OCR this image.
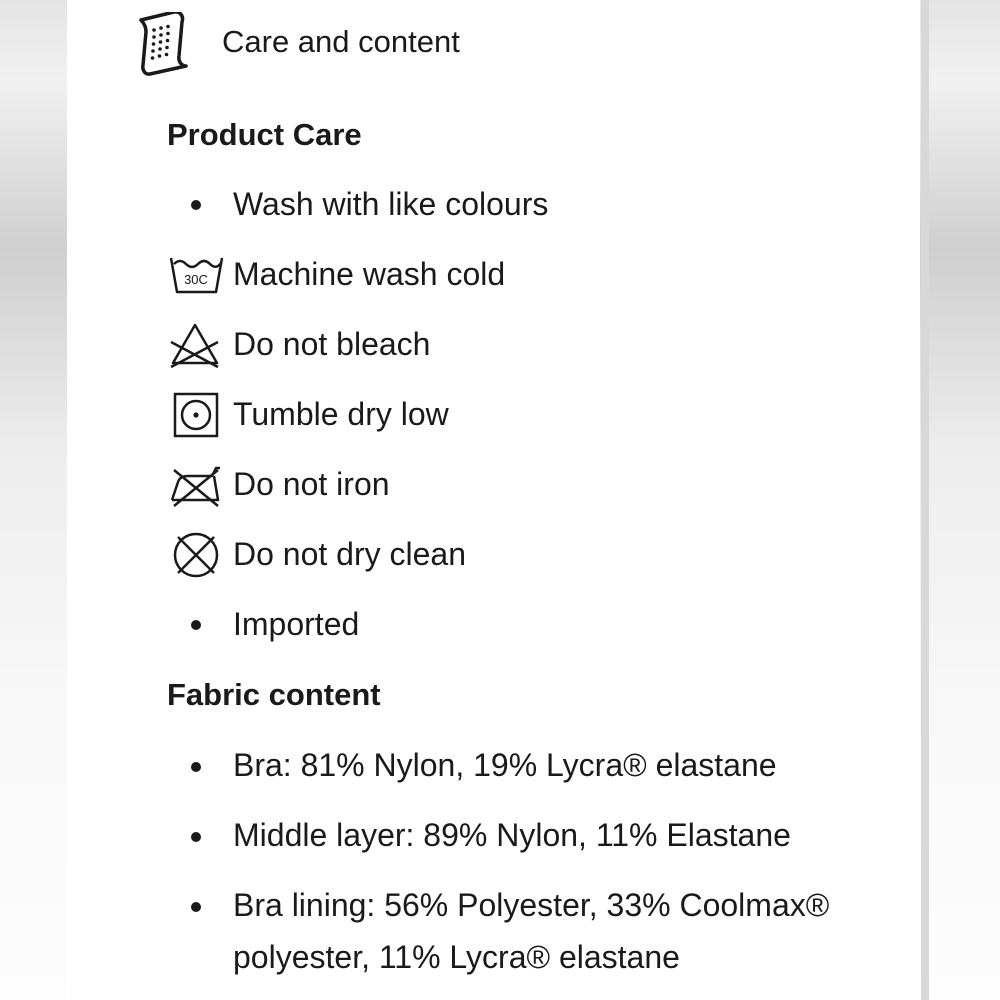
Care and content
Product Care
Wash with like colours
30C Machine wash cold
Do not bleach
Tumble dry low
Do not iron
Do not dry clean
Imported
Fabric content
Bra: 81% Nylon, 19% Lycra® elastane
Middle layer: 89% Nylon, 11% Elastane
Bra lining: 56% Polyester, 33% Coolmax® polyester, 11% Lycra® elastane
